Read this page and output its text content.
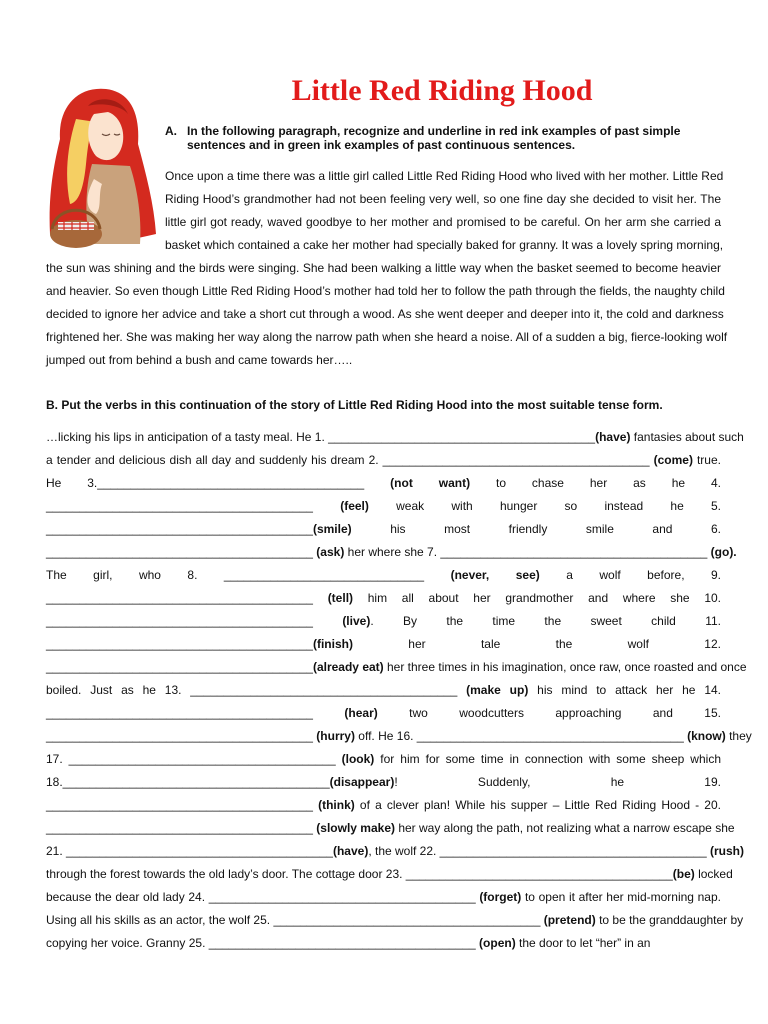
Little Red Riding Hood
A. In the following paragraph, recognize and underline in red ink examples of past simple sentences and in green ink examples of past continuous sentences.
Once upon a time there was a little girl called Little Red Riding Hood who lived with her mother. Little Red
Riding Hood’s grandmother had not been feeling very well, so one fine day she decided to visit her. The
little girl got ready, waved goodbye to her mother and promised to be careful. On her arm she carried a
basket which contained a cake her mother had specially baked for granny. It was a lovely spring morning,
the sun was shining and the birds were singing. She had been walking a little way when the basket seemed to become heavier
and heavier. So even though Little Red Riding Hood’s mother had told her to follow the path through the fields, the naughty child
decided to ignore her advice and take a short cut through a wood. As she went deeper and deeper into it, the cold and darkness
frightened her. She was making her way along the narrow path when she heard a noise. All of a sudden a big, fierce-looking wolf
jumped out from behind a bush and came towards her…..

B. Put the verbs in this continuation of the story of Little Red Riding Hood into the most suitable tense form.

…licking his lips in anticipation of a tasty meal. He 1. ________________________________________(have) fantasies about such
a tender and delicious dish all day and suddenly his dream 2. ________________________________________ (come) true.
He 3.________________________________________ (not want) to chase her as he 4.
________________________________________ (feel) weak with hunger so instead he 5.
________________________________________(smile) his most friendly smile and 6.
________________________________________ (ask) her where she 7. ________________________________________ (go).
The girl, who 8. ______________________________ (never, see) a wolf before, 9.
________________________________________ (tell) him all about her grandmother and where she 10.
________________________________________ (live). By the time the sweet child 11.
________________________________________(finish) her tale the wolf 12.
________________________________________(already eat) her three times in his imagination, once raw, once roasted and once
boiled. Just as he 13. ________________________________________ (make up) his mind to attack her he 14.
________________________________________ (hear) two woodcutters approaching and 15.
________________________________________ (hurry) off. He 16. ________________________________________ (know) they
17. ________________________________________ (look) for him for some time in connection with some sheep which
18.________________________________________(disappear)! Suddenly, he 19.
________________________________________ (think) of a clever plan! While his supper – Little Red Riding Hood - 20.
________________________________________ (slowly make) her way along the path, not realizing what a narrow escape she
21. ________________________________________(have), the wolf 22. ________________________________________ (rush)
through the forest towards the old lady’s door. The cottage door 23. ________________________________________(be) locked
because the dear old lady 24. ________________________________________ (forget) to open it after her mid-morning nap.
Using all his skills as an actor, the wolf 25. ________________________________________ (pretend) to be the granddaughter by
copying her voice. Granny 25. ________________________________________ (open) the door to let “her” in an
